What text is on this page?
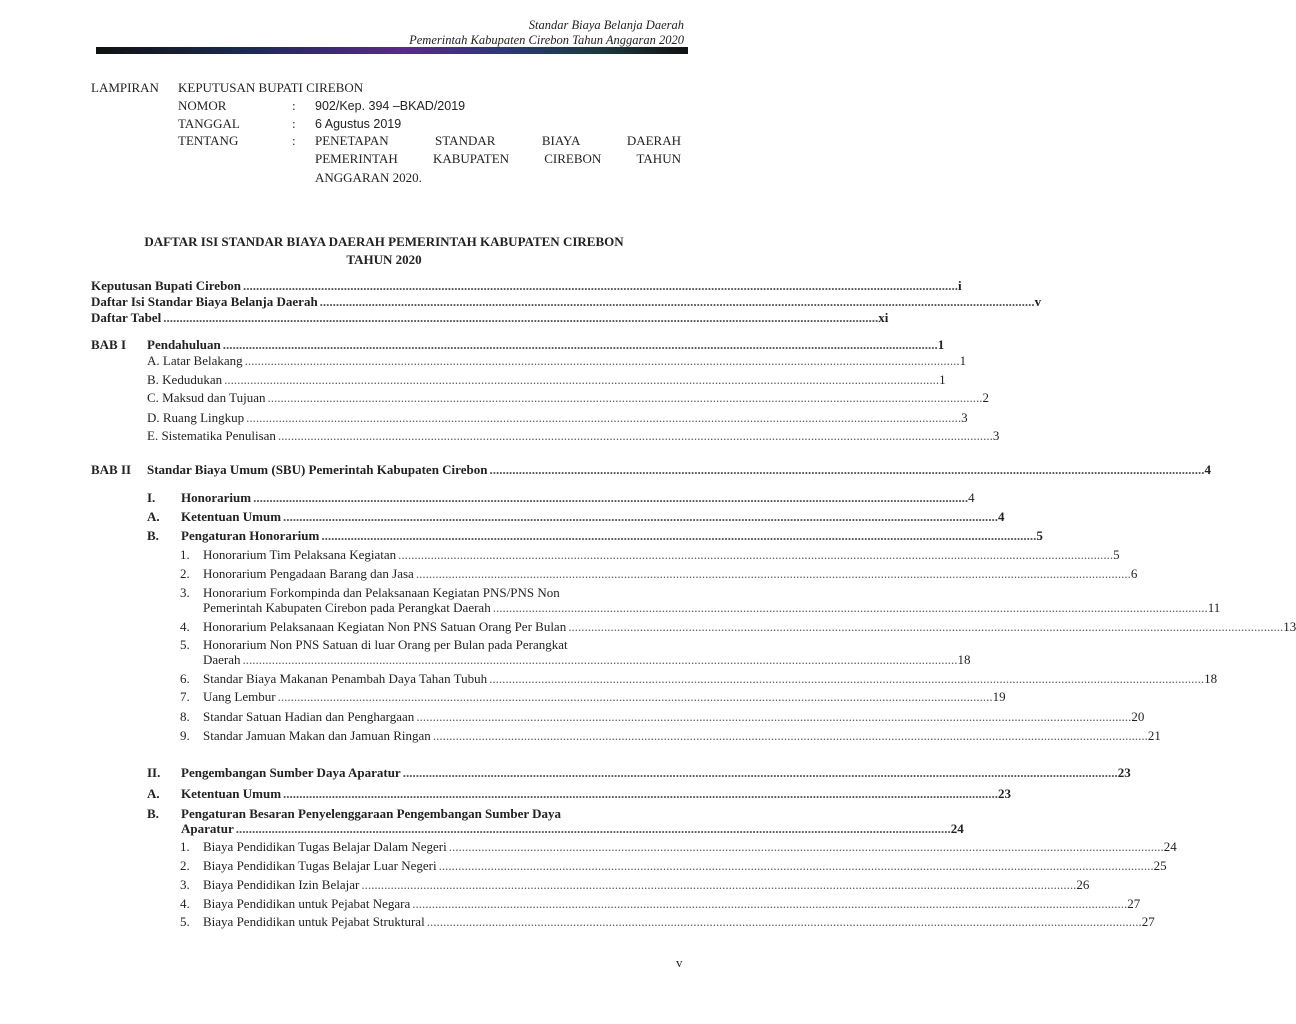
Standar Biaya Belanja Daerah
Pemerintah Kabupaten Cirebon Tahun Anggaran 2020
LAMPIRAN KEPUTUSAN BUPATI CIREBON
NOMOR	: 902/Kep. 394 –BKAD/2019
TANGGAL	: 6 Agustus 2019
TENTANG	: PENETAPAN	STANDAR	BIAYA	DAERAH
PEMERINTAH	KABUPATEN	CIREBON	TAHUN
ANGGARAN 2020.
DAFTAR ISI STANDAR BIAYA DAERAH PEMERINTAH KABUPATEN CIREBON
TAHUN 2020
Keputusan Bupati Cirebon ............................................................................................................................................................................................................................ i
Daftar Isi Standar Biaya Belanja Daerah ............................................................................................................................................................................................................................ v
Daftar Tabel ............................................................................................................................................................................................................................ xi
BAB I Pendahuluan ............................................................................................................................................................................................................................ 1
A. Latar Belakang ............................................................................................................................................................................................................................ 1
B. Kedudukan ............................................................................................................................................................................................................................ 1
C. Maksud dan Tujuan ............................................................................................................................................................................................................................ 2
D. Ruang Lingkup ............................................................................................................................................................................................................................ 3
E. Sistematika Penulisan ............................................................................................................................................................................................................................ 3
BAB II Standar Biaya Umum (SBU) Pemerintah Kabupaten Cirebon ............................................................................................................................................................................................................................ 4
I. Honorarium ............................................................................................................................................................................................................................ 4
A. Ketentuan Umum ............................................................................................................................................................................................................................ 4
B. Pengaturan Honorarium ............................................................................................................................................................................................................................ 5
1. Honorarium Tim Pelaksana Kegiatan ............................................................................................................................................................................................................................ 5
2. Honorarium Pengadaan Barang dan Jasa ............................................................................................................................................................................................................................ 6
3. Honorarium Forkompinda dan Pelaksanaan Kegiatan PNS/PNS Non
Pemerintah Kabupaten Cirebon pada Perangkat Daerah ............................................................................................................................................................................................................................ 11
4. Honorarium Pelaksanaan Kegiatan Non PNS Satuan Orang Per Bulan ............................................................................................................................................................................................................................ 13
5. Honorarium Non PNS Satuan di luar Orang per Bulan pada Perangkat
Daerah ............................................................................................................................................................................................................................ 18
6. Standar Biaya Makanan Penambah Daya Tahan Tubuh ............................................................................................................................................................................................................................ 18
7. Uang Lembur ............................................................................................................................................................................................................................ 19
8. Standar Satuan Hadian dan Penghargaan ............................................................................................................................................................................................................................ 20
9. Standar Jamuan Makan dan Jamuan Ringan ............................................................................................................................................................................................................................ 21
II. Pengembangan Sumber Daya Aparatur ............................................................................................................................................................................................................................ 23
A. Ketentuan Umum ............................................................................................................................................................................................................................ 23
B. Pengaturan Besaran Penyelenggaraan Pengembangan Sumber Daya
Aparatur ............................................................................................................................................................................................................................ 24
1. Biaya Pendidikan Tugas Belajar Dalam Negeri ............................................................................................................................................................................................................................ 24
2. Biaya Pendidikan Tugas Belajar Luar Negeri ............................................................................................................................................................................................................................ 25
3. Biaya Pendidikan Izin Belajar ............................................................................................................................................................................................................................ 26
4. Biaya Pendidikan untuk Pejabat Negara ............................................................................................................................................................................................................................ 27
5. Biaya Pendidikan untuk Pejabat Struktural ............................................................................................................................................................................................................................ 27
v
